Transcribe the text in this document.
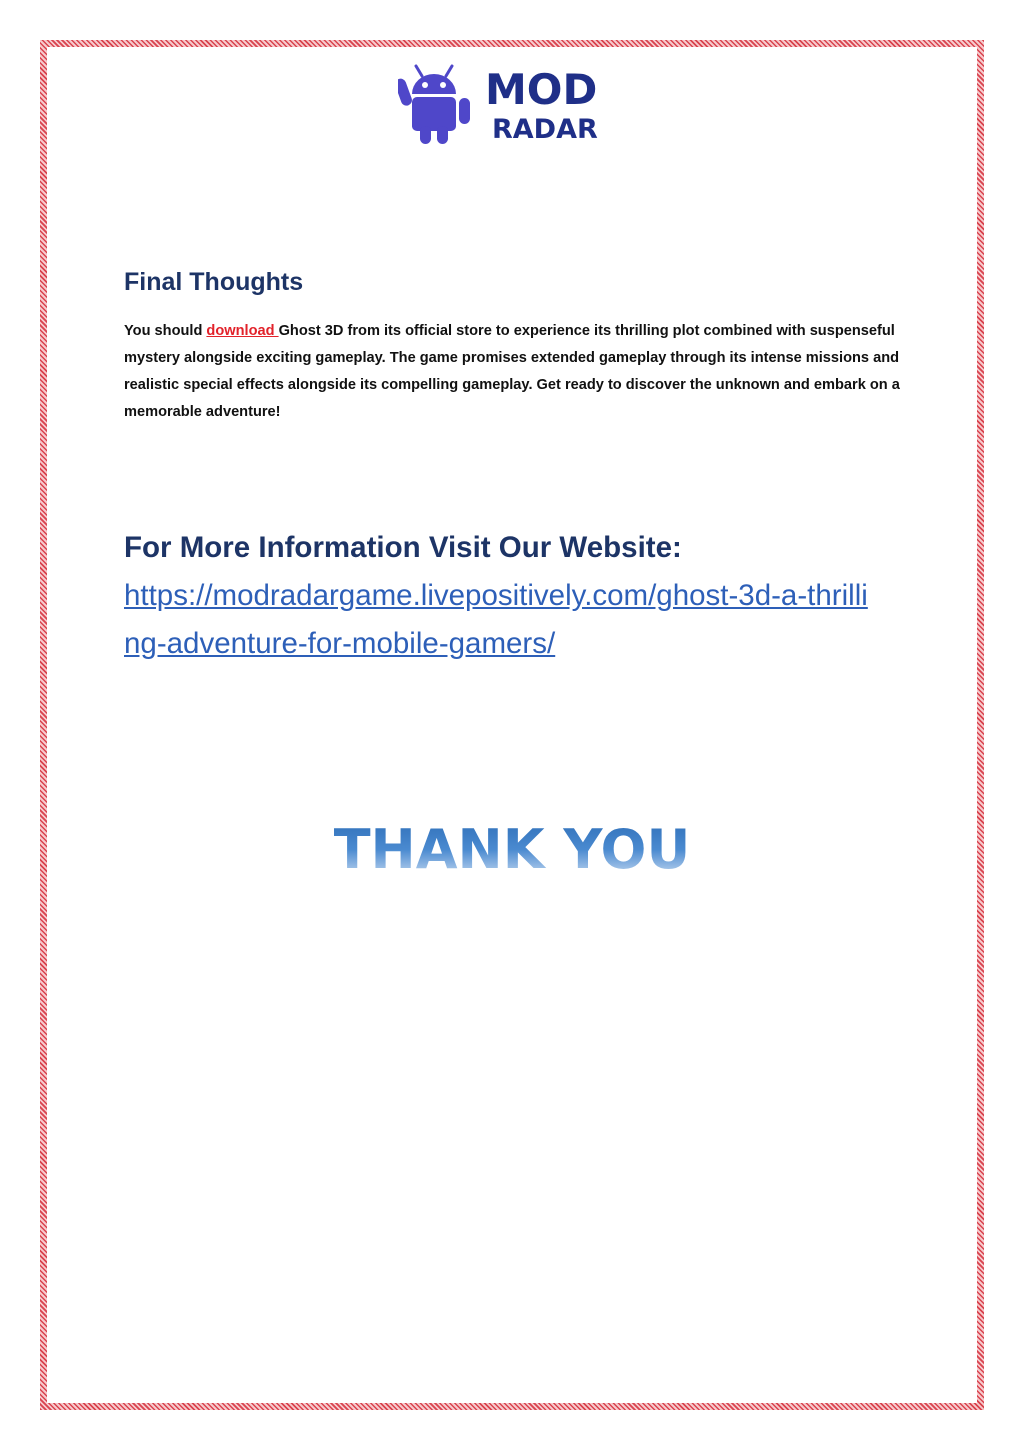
MOD
RADAR
Final Thoughts

You should download Ghost 3D from its official store to experience its thrilling plot combined with suspenseful mystery alongside exciting gameplay. The game promises extended gameplay through its intense missions and realistic special effects alongside its compelling gameplay. Get ready to discover the unknown and embark on a memorable adventure!

For More Information Visit Our Website:
https://modradargame.livepositively.com/ghost-3d-a-thrilling-adventure-for-mobile-gamers/
THANK YOU
